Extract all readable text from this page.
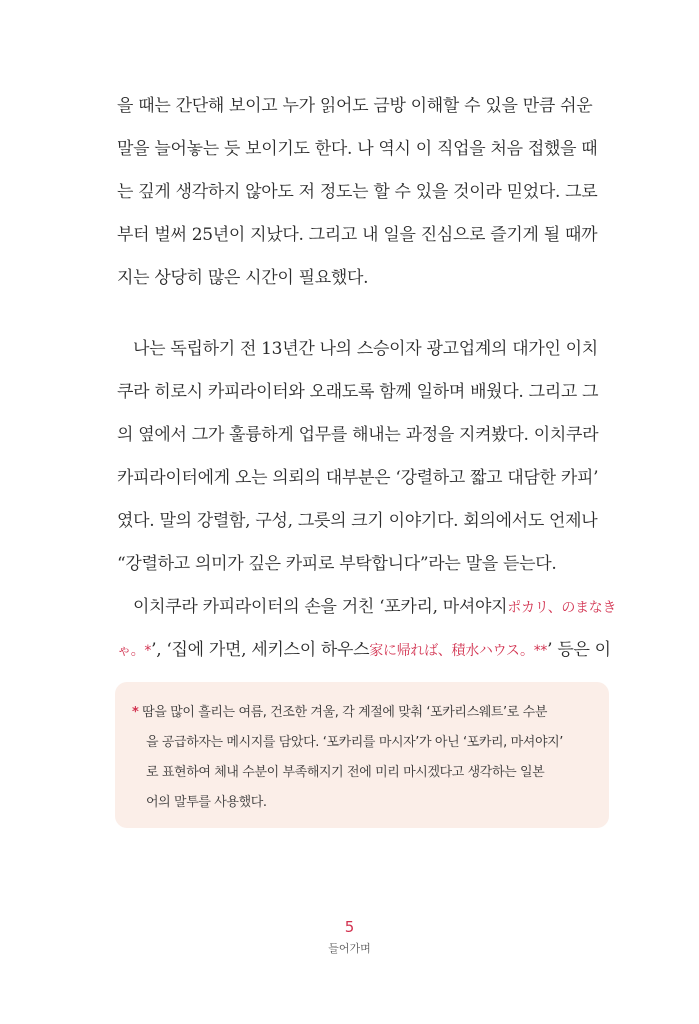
을 때는 간단해 보이고 누가 읽어도 금방 이해할 수 있을 만큼 쉬운
말을 늘어놓는 듯 보이기도 한다. 나 역시 이 직업을 처음 접했을 때
는 깊게 생각하지 않아도 저 정도는 할 수 있을 것이라 믿었다. 그로
부터 벌써 25년이 지났다. 그리고 내 일을 진심으로 즐기게 될 때까
지는 상당히 많은 시간이 필요했다.
나는 독립하기 전 13년간 나의 스승이자 광고업계의 대가인 이치
쿠라 히로시 카피라이터와 오래도록 함께 일하며 배웠다. 그리고 그
의 옆에서 그가 훌륭하게 업무를 해내는 과정을 지켜봤다. 이치쿠라
카피라이터에게 오는 의뢰의 대부분은 ‘강렬하고 짧고 대담한 카피’
였다. 말의 강렬함, 구성, 그릇의 크기 이야기다. 회의에서도 언제나
“강렬하고 의미가 깊은 카피로 부탁합니다”라는 말을 듣는다.
이치쿠라 카피라이터의 손을 거친 ‘포카리, 마셔야지ポカリ、のまなき
ゃ。*’, ‘집에 가면, 세키스이 하우스家に帰れば、積水ハウス。**’ 등은 이
* 땀을 많이 흘리는 여름, 건조한 겨울, 각 계절에 맞춰 ‘포카리스웨트’로 수분
을 공급하자는 메시지를 담았다. ‘포카리를 마시자’가 아닌 ‘포카리, 마셔야지’
로 표현하여 체내 수분이 부족해지기 전에 미리 마시겠다고 생각하는 일본
어의 말투를 사용했다.
5
들어가며
